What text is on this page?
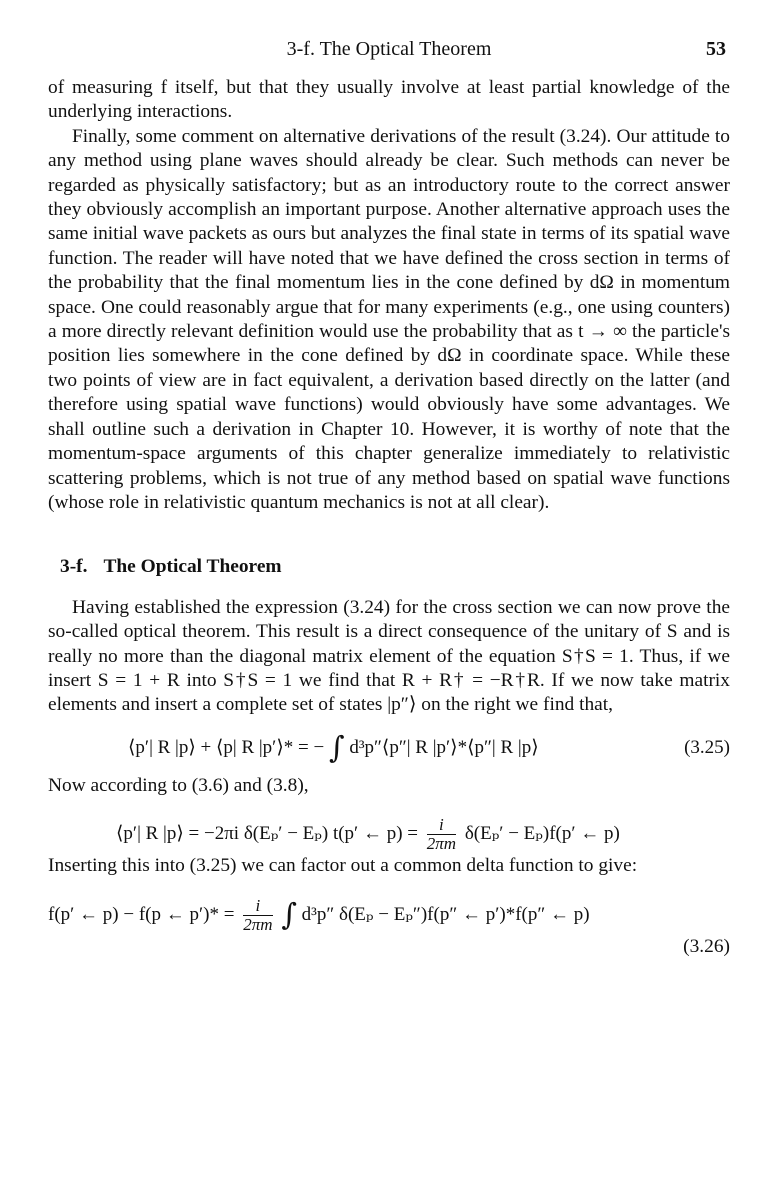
3-f. The Optical Theorem	53

of measuring f itself, but that they usually involve at least partial knowledge of the underlying interactions.

Finally, some comment on alternative derivations of the result (3.24). Our attitude to any method using plane waves should already be clear. Such methods can never be regarded as physically satisfactory; but as an introductory route to the correct answer they obviously accomplish an important purpose. Another alternative approach uses the same initial wave packets as ours but analyzes the final state in terms of its spatial wave function. The reader will have noted that we have defined the cross section in terms of the probability that the final momentum lies in the cone defined by dΩ in momentum space. One could reasonably argue that for many experiments (e.g., one using counters) a more directly relevant definition would use the probability that as t → ∞ the particle's position lies somewhere in the cone defined by dΩ in coordinate space. While these two points of view are in fact equivalent, a derivation based directly on the latter (and therefore using spatial wave functions) would obviously have some advantages. We shall outline such a derivation in Chapter 10. However, it is worthy of note that the momentum-space arguments of this chapter generalize immediately to relativistic scattering problems, which is not true of any method based on spatial wave functions (whose role in relativistic quantum mechanics is not at all clear).

3-f. The Optical Theorem

Having established the expression (3.24) for the cross section we can now prove the so-called optical theorem. This result is a direct consequence of the unitary of S and is really no more than the diagonal matrix element of the equation S†S = 1. Thus, if we insert S = 1 + R into S†S = 1 we find that R + R† = −R†R. If we now take matrix elements and insert a complete set of states |p″⟩ on the right we find that,

⟨p′| R |p⟩ + ⟨p| R |p′⟩* = − ∫ d³p″⟨p″| R |p′⟩*⟨p″| R |p⟩	(3.25)

Now according to (3.6) and (3.8),

⟨p′| R |p⟩ = −2πi δ(Eₚ′ − Eₚ) t(p′ ← $p) = \frac{i}{2\pi m} \delta(E_p' - E_p)f(p'$ ← p)

Inserting this into (3.25) we can factor out a common delta function to give:

f(p′ ← p) − f(p ← $p')* = \frac{i}{2\pi m}$ ∫ d³p″ δ(Eₚ − Eₚ″)f(p″ ← p′)*f(p″ ← p)

(3.26)
